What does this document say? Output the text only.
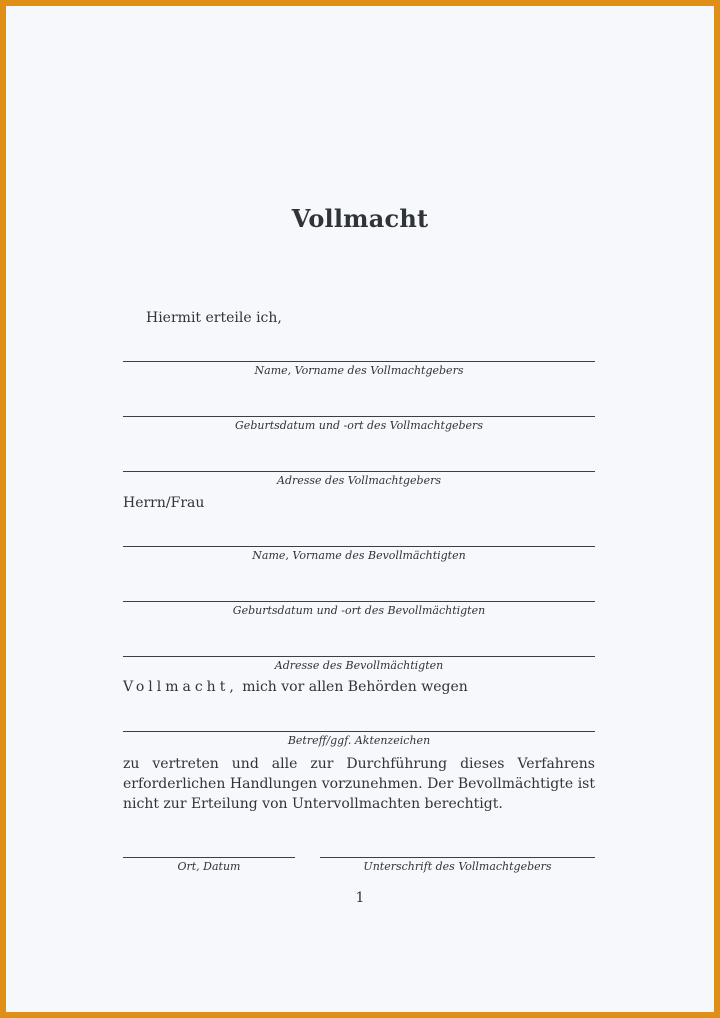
Vollmacht
Hiermit erteile ich,
Name, Vorname des Vollmachtgebers
Geburtsdatum und -ort des Vollmachtgebers
Adresse des Vollmachtgebers
Herrn/Frau
Name, Vorname des Bevollmächtigten
Geburtsdatum und -ort des Bevollmächtigten
Adresse des Bevollmächtigten
Vollmacht, mich vor allen Behörden wegen
Betreff/ggf. Aktenzeichen
zu vertreten und alle zur Durchführung dieses Verfahrens erforderlichen Handlungen vorzunehmen. Der Bevollmächtigte ist nicht zur Erteilung von Untervollmachten berechtigt.
Ort, Datum	Unterschrift des Vollmachtgebers
1
